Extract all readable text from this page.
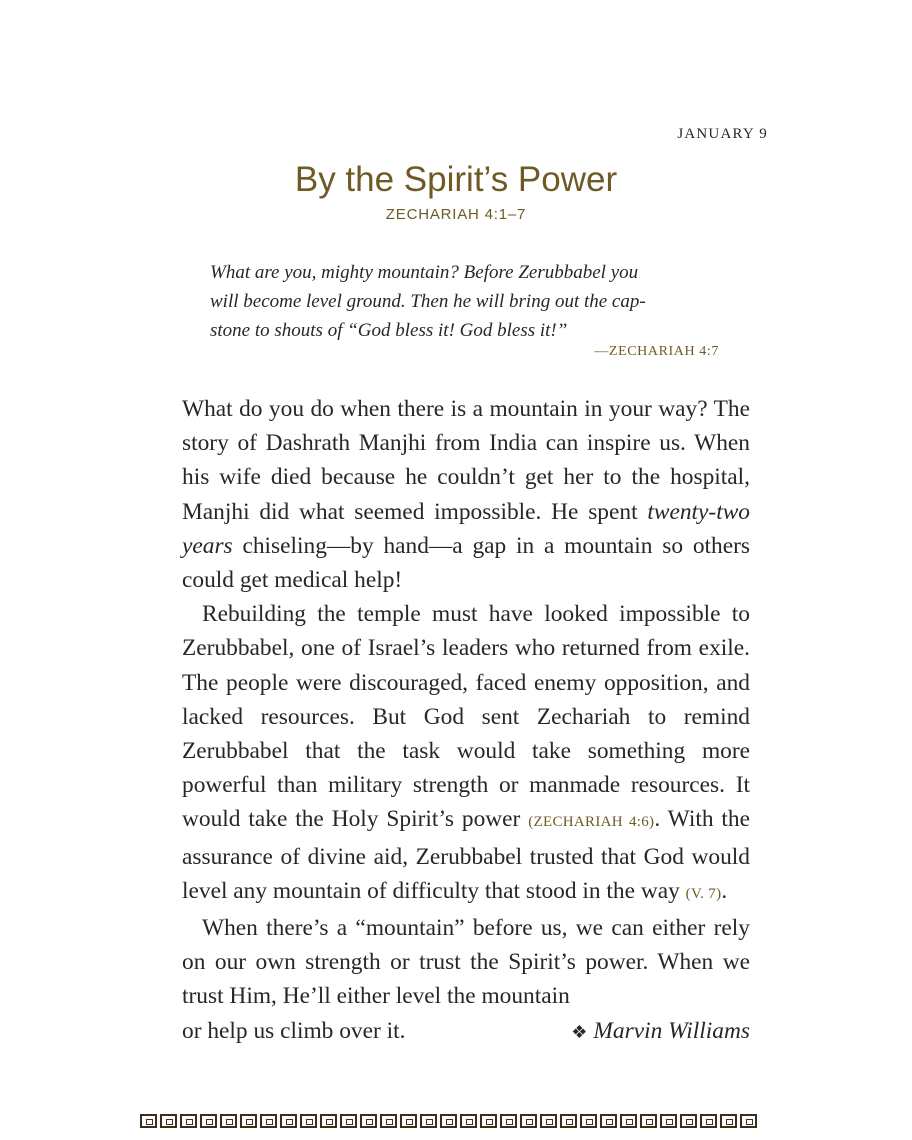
JANUARY 9
By the Spirit’s Power
ZECHARIAH 4:1–7
What are you, mighty mountain? Before Zerubbabel you
will become level ground. Then he will bring out the cap-
stone to shouts of “God bless it! God bless it!”
—ZECHARIAH 4:7

What do you do when there is a mountain in your way? The story of Dashrath Manjhi from India can inspire us. When his wife died because he couldn’t get her to the hospital, Manjhi did what seemed impossible. He spent twenty-two years chiseling—by hand—a gap in a mountain so others could get medical help!

Rebuilding the temple must have looked impossible to Zerubbabel, one of Israel’s leaders who returned from exile. The people were discouraged, faced enemy opposition, and lacked resources. But God sent Zechariah to remind Zerubbabel that the task would take something more powerful than military strength or manmade resources. It would take the Holy Spirit’s power (ZECHARIAH 4:6). With the assurance of divine aid, Zerubbabel trusted that God would level any mountain of difficulty that stood in the way (V. 7).

When there’s a “mountain” before us, we can either rely on our own strength or trust the Spirit’s power. When we trust Him, He’ll either level the mountain

or help us climb over it.	❖ Marvin Williams
